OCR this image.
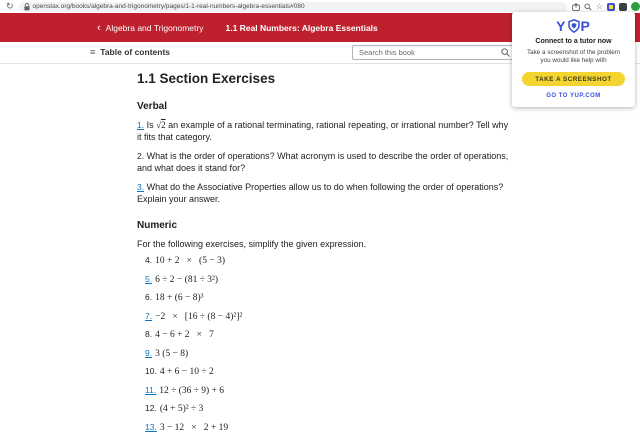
↻	openstax.org/books/algebra-and-trigonometry/pages/1-1-real-numbers-algebra-essentials#080	☆
‹ Algebra and Trigonometry	1.1 Real Numbers: Algebra Essentials
≡ Table of contents
Search this book
1.1 Section Exercises
Verbal

1. Is √2 an example of a rational terminating, rational repeating, or irrational number? Tell why it fits that category.

2. What is the order of operations? What acronym is used to describe the order of operations, and what does it stand for?

3. What do the Associative Properties allow us to do when following the order of operations? Explain your answer.

Numeric

For the following exercises, simplify the given expression.

4. 10 + 2   ×   (5 − 3)
5. 6 ÷ 2 − (81 ÷ 3²)
6. 18 + (6 − 8)³
7. −2   ×   [16 ÷ (8 − 4)²]²
8. 4 − 6 + 2   ×   7
9. 3 (5 − 8)
10. 4 + 6 − 10 ÷ 2
11. 12 ÷ (36 ÷ 9) + 6
12. (4 + 5)² ÷ 3
13. 3 − 12   ×   2 + 19
Y P
Connect to a tutor now
Take a screenshot of the problem you would like help with
TAKE A SCREENSHOT
GO TO YUP.COM
